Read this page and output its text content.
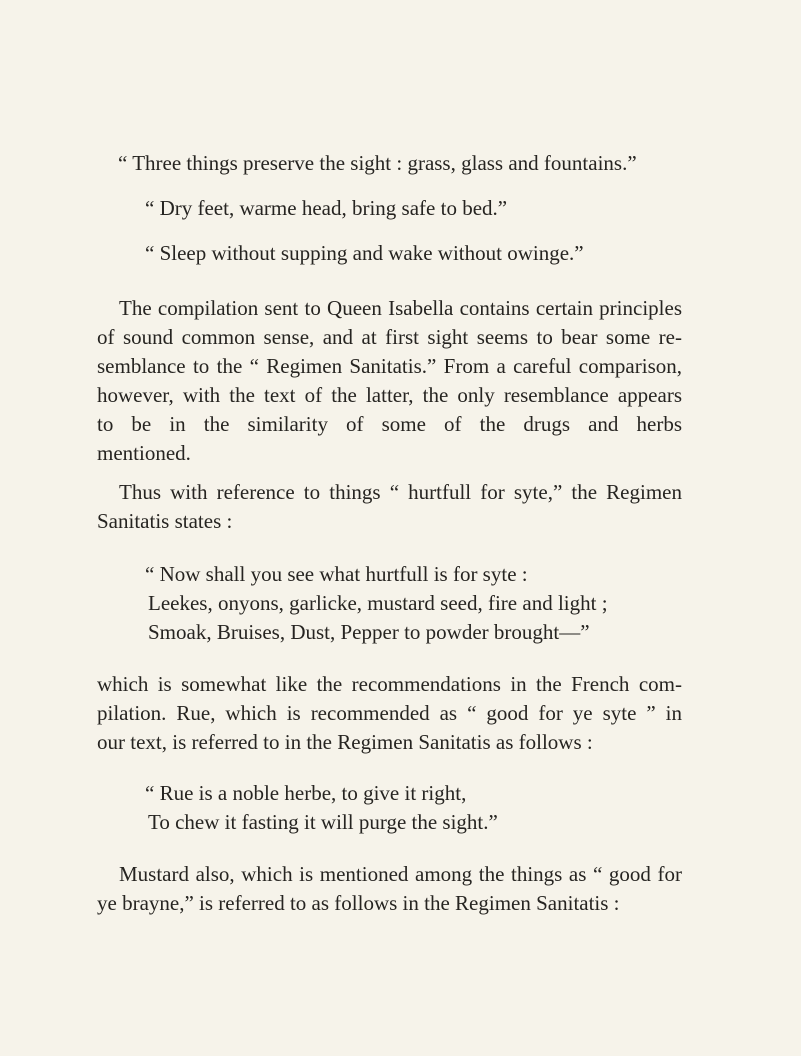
“ Three things preserve the sight : grass, glass and fountains.”

“ Dry feet, warme head, bring safe to bed.”

“ Sleep without supping and wake without owinge.”

The compilation sent to Queen Isabella contains certain principles

of sound common sense, and at first sight seems to bear some re-

semblance to the “ Regimen Sanitatis.” From a careful comparison,

however, with the text of the latter, the only resemblance appears

to be in the similarity of some of the drugs and herbs

mentioned.

Thus with reference to things “ hurtfull for syte,” the Regimen

Sanitatis states :

“ Now shall you see what hurtfull is for syte :

Leekes, onyons, garlicke, mustard seed, fire and light ;

Smoak, Bruises, Dust, Pepper to powder brought—”

which is somewhat like the recommendations in the French com-

pilation. Rue, which is recommended as “ good for ye syte ” in

our text, is referred to in the Regimen Sanitatis as follows :

“ Rue is a noble herbe, to give it right,

To chew it fasting it will purge the sight.”

Mustard also, which is mentioned among the things as “ good for

ye brayne,” is referred to as follows in the Regimen Sanitatis :
